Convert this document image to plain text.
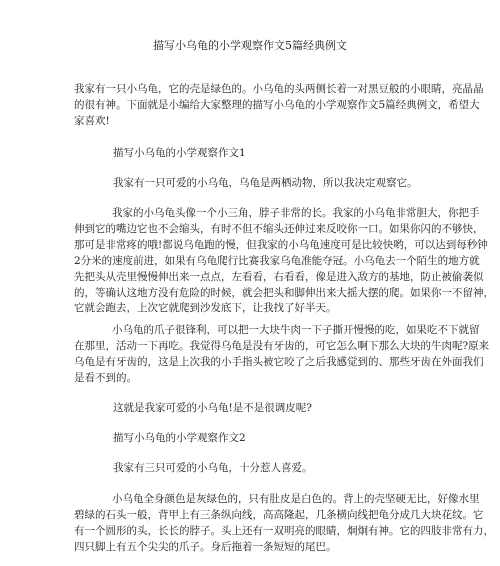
描写小乌龟的小学观察作文5篇经典例文

我家有一只小乌龟，它的壳是绿色的。小乌龟的头两侧长着一对黑豆般的小眼睛，亮晶晶
的很有神。下面就是小编给大家整理的描写小乌龟的小学观察作文5篇经典例文，希望大
家喜欢!

描写小乌龟的小学观察作文1

我家有一只可爱的小乌龟，乌龟是两栖动物，所以我决定观察它。

我家的小乌龟头像一个小三角，脖子非常的长。我家的小乌龟非常胆大，你把手
伸到它的嘴边它也不会缩头，有时不但不缩头还伸过来反咬你一口。如果你闪的不够快，
那可是非常疼的哦!都说乌龟跑的慢，但我家的小乌龟速度可是比较快哟，可以达到每秒钟
2分米的速度前进，如果有乌龟爬行比赛我家乌龟准能夺冠。小乌龟去一个陌生的地方就
先把头从壳里慢慢伸出来一点点，左看看，右看看，像是进入敌方的基地，防止被偷袭似
的，等确认这地方没有危险的时候，就会把头和脚伸出来大摇大摆的爬。如果你一不留神，
它就会跑去，上次它就爬到沙发底下，让我找了好半天。

小乌龟的爪子很锋利，可以把一大块牛肉一下子撕开慢慢的吃，如果吃不下就留
在那里，活动一下再吃。我觉得乌龟是没有牙齿的，可它怎么啊下那么大块的牛肉呢?原来
乌龟是有牙齿的，这是上次我的小手指头被它咬了之后我感觉到的、那些牙齿在外面我们
是看不到的。

这就是我家可爱的小乌龟!是不是很调皮呢?

描写小乌龟的小学观察作文2

我家有三只可爱的小乌龟，十分惹人喜爱。

小乌龟全身颜色是灰绿色的，只有肚皮是白色的。背上的壳坚硬无比，好像水里
碧绿的石头一般，背甲上有三条纵向线，高高隆起，几条横向线把龟分成几大块花纹。它
有一个圆形的头，长长的脖子。头上还有一双明亮的眼睛，炯炯有神。它的四肢非常有力，
四只脚上有五个尖尖的爪子。身后拖着一条短短的尾巴。
